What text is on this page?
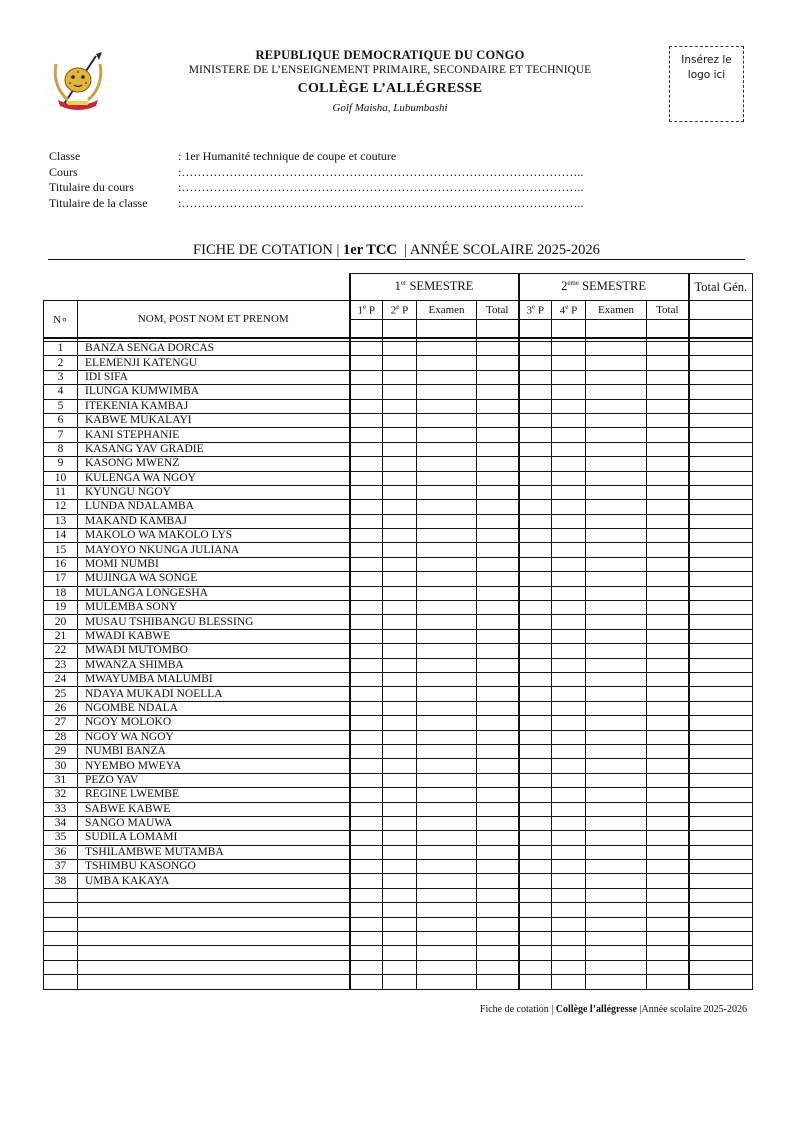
REPUBLIQUE DEMOCRATIQUE DU CONGO
MINISTERE DE L’ENSEIGNEMENT PRIMAIRE, SECONDAIRE ET TECHNIQUE
COLLÈGE L’ALLÉGRESSE
Golf Maisha, Lubumbashi
Insérez le
logo ici
Classe	: 1er Humanité technique de coupe et couture
Cours	:………………………………………………………………………………………..
Titulaire du cours	:………………………………………………………………………………………..
Titulaire de la classe	:………………………………………………………………………………………..
FICHE DE COTATION | 1er TCC  | ANNÉE SCOLAIRE 2025-2026
		1er SEMESTRE				2eme SEMESTRE				Total Gén.
N∘	NOM, POST NOM ET PRENOM	1e P	2e P	Examen	Total	3e P	4e P	Examen	Total	

1	BANZA SENGA DORCAS									
2	ELEMENJI KATENGU									
3	IDI SIFA									
4	ILUNGA KUMWIMBA									
5	ITEKENIA KAMBAJ									
6	KABWE MUKALAYI									
7	KANI STEPHANIE									
8	KASANG YAV GRADIE									
9	KASONG MWENZ									
10	KULENGA WA NGOY									
11	KYUNGU NGOY									
12	LUNDA NDALAMBA									
13	MAKAND KAMBAJ									
14	MAKOLO WA MAKOLO LYS									
15	MAYOYO NKUNGA JULIANA									
16	MOMI NUMBI									
17	MUJINGA WA SONGE									
18	MULANGA LONGESHA									
19	MULEMBA SONY									
20	MUSAU TSHIBANGU BLESSING									
21	MWADI KABWE									
22	MWADI MUTOMBO									
23	MWANZA SHIMBA									
24	MWAYUMBA MALUMBI									
25	NDAYA MUKADI NOELLA									
26	NGOMBE NDALA									
27	NGOY MOLOKO									
28	NGOY WA NGOY									
29	NUMBI BANZA									
30	NYEMBO MWEYA									
31	PEZO YAV									
32	REGINE LWEMBE									
33	SABWE KABWE									
34	SANGO MAUWA									
35	SUDILA LOMAMI									
36	TSHILAMBWE MUTAMBA									
37	TSHIMBU KASONGO									
38	UMBA KAKAYA									

Fiche de cotation | Collège l’allégresse |Année scolaire 2025-2026
